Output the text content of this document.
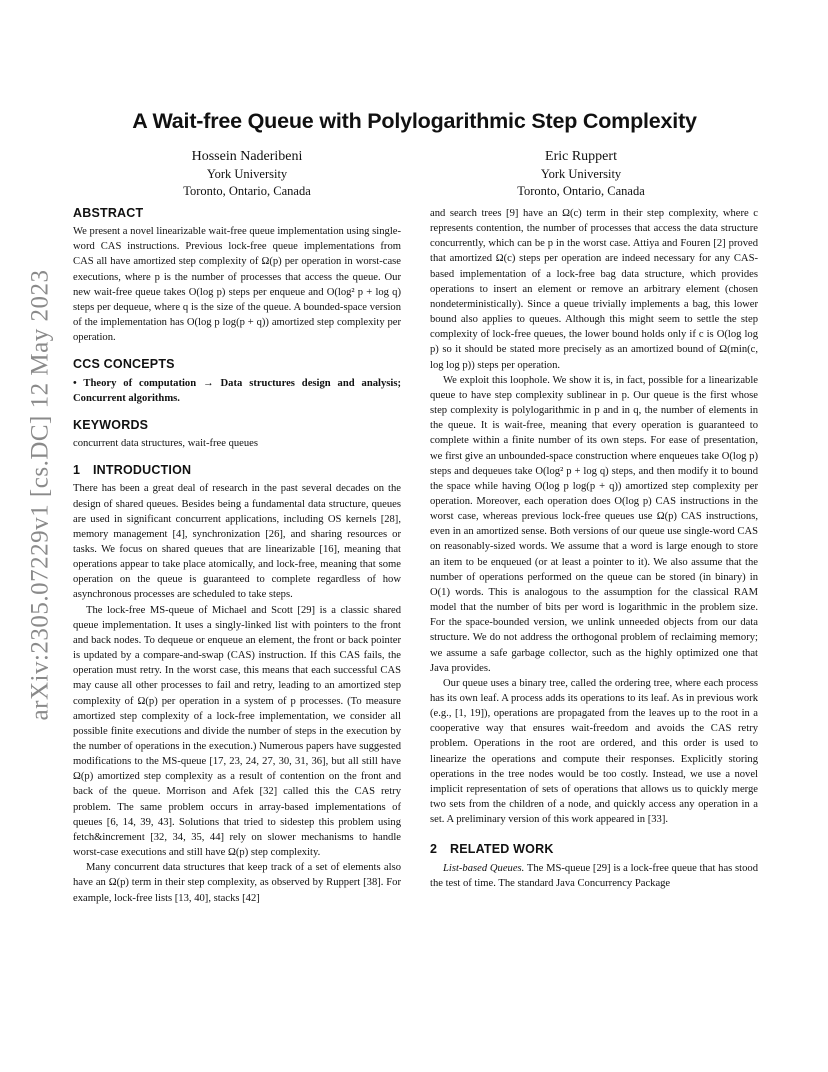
arXiv:2305.07229v1 [cs.DC] 12 May 2023
A Wait-free Queue with Polylogarithmic Step Complexity
Hossein Naderibeni
York University
Toronto, Ontario, Canada
Eric Ruppert
York University
Toronto, Ontario, Canada
ABSTRACT

We present a novel linearizable wait-free queue implementation using single-word CAS instructions. Previous lock-free queue implementations from CAS all have amortized step complexity of Ω(p) per operation in worst-case executions, where p is the number of processes that access the queue. Our new wait-free queue takes O(log p) steps per enqueue and O(log² p + log q) steps per dequeue, where q is the size of the queue. A bounded-space version of the implementation has O(log p log(p + q)) amortized step complexity per operation.

CCS CONCEPTS

• Theory of computation → Data structures design and analysis; Concurrent algorithms.

KEYWORDS

concurrent data structures, wait-free queues

1 INTRODUCTION

There has been a great deal of research in the past several decades on the design of shared queues. Besides being a fundamental data structure, queues are used in significant concurrent applications, including OS kernels [28], memory management [4], synchronization [26], and sharing resources or tasks. We focus on shared queues that are linearizable [16], meaning that operations appear to take place atomically, and lock-free, meaning that some operation on the queue is guaranteed to complete regardless of how asynchronous processes are scheduled to take steps.

The lock-free MS-queue of Michael and Scott [29] is a classic shared queue implementation. It uses a singly-linked list with pointers to the front and back nodes. To dequeue or enqueue an element, the front or back pointer is updated by a compare-and-swap (CAS) instruction. If this CAS fails, the operation must retry. In the worst case, this means that each successful CAS may cause all other processes to fail and retry, leading to an amortized step complexity of Ω(p) per operation in a system of p processes. (To measure amortized step complexity of a lock-free implementation, we consider all possible finite executions and divide the number of steps in the execution by the number of operations in the execution.) Numerous papers have suggested modifications to the MS-queue [17, 23, 24, 27, 30, 31, 36], but all still have Ω(p) amortized step complexity as a result of contention on the front and back of the queue. Morrison and Afek [32] called this the CAS retry problem. The same problem occurs in array-based implementations of queues [6, 14, 39, 43]. Solutions that tried to sidestep this problem using fetch&increment [32, 34, 35, 44] rely on slower mechanisms to handle worst-case executions and still have Ω(p) step complexity.

Many concurrent data structures that keep track of a set of elements also have an Ω(p) term in their step complexity, as observed by Ruppert [38]. For example, lock-free lists [13, 40], stacks [42]

and search trees [9] have an Ω(c) term in their step complexity, where c represents contention, the number of processes that access the data structure concurrently, which can be p in the worst case. Attiya and Fouren [2] proved that amortized Ω(c) steps per operation are indeed necessary for any CAS-based implementation of a lock-free bag data structure, which provides operations to insert an element or remove an arbitrary element (chosen nondeterministically). Since a queue trivially implements a bag, this lower bound also applies to queues. Although this might seem to settle the step complexity of lock-free queues, the lower bound holds only if c is O(log log p) so it should be stated more precisely as an amortized bound of Ω(min(c, log log p)) steps per operation.

We exploit this loophole. We show it is, in fact, possible for a linearizable queue to have step complexity sublinear in p. Our queue is the first whose step complexity is polylogarithmic in p and in q, the number of elements in the queue. It is wait-free, meaning that every operation is guaranteed to complete within a finite number of its own steps. For ease of presentation, we first give an unbounded-space construction where enqueues take O(log p) steps and dequeues take O(log² p + log q) steps, and then modify it to bound the space while having O(log p log(p + q)) amortized step complexity per operation. Moreover, each operation does O(log p) CAS instructions in the worst case, whereas previous lock-free queues use Ω(p) CAS instructions, even in an amortized sense. Both versions of our queue use single-word CAS on reasonably-sized words. We assume that a word is large enough to store an item to be enqueued (or at least a pointer to it). We also assume that the number of operations performed on the queue can be stored (in binary) in O(1) words. This is analogous to the assumption for the classical RAM model that the number of bits per word is logarithmic in the problem size. For the space-bounded version, we unlink unneeded objects from our data structure. We do not address the orthogonal problem of reclaiming memory; we assume a safe garbage collector, such as the highly optimized one that Java provides.

Our queue uses a binary tree, called the ordering tree, where each process has its own leaf. A process adds its operations to its leaf. As in previous work (e.g., [1, 19]), operations are propagated from the leaves up to the root in a cooperative way that ensures wait-freedom and avoids the CAS retry problem. Operations in the root are ordered, and this order is used to linearize the operations and compute their responses. Explicitly storing operations in the tree nodes would be too costly. Instead, we use a novel implicit representation of sets of operations that allows us to quickly merge two sets from the children of a node, and quickly access any operation in a set. A preliminary version of this work appeared in [33].

2 RELATED WORK

List-based Queues. The MS-queue [29] is a lock-free queue that has stood the test of time. The standard Java Concurrency Package
